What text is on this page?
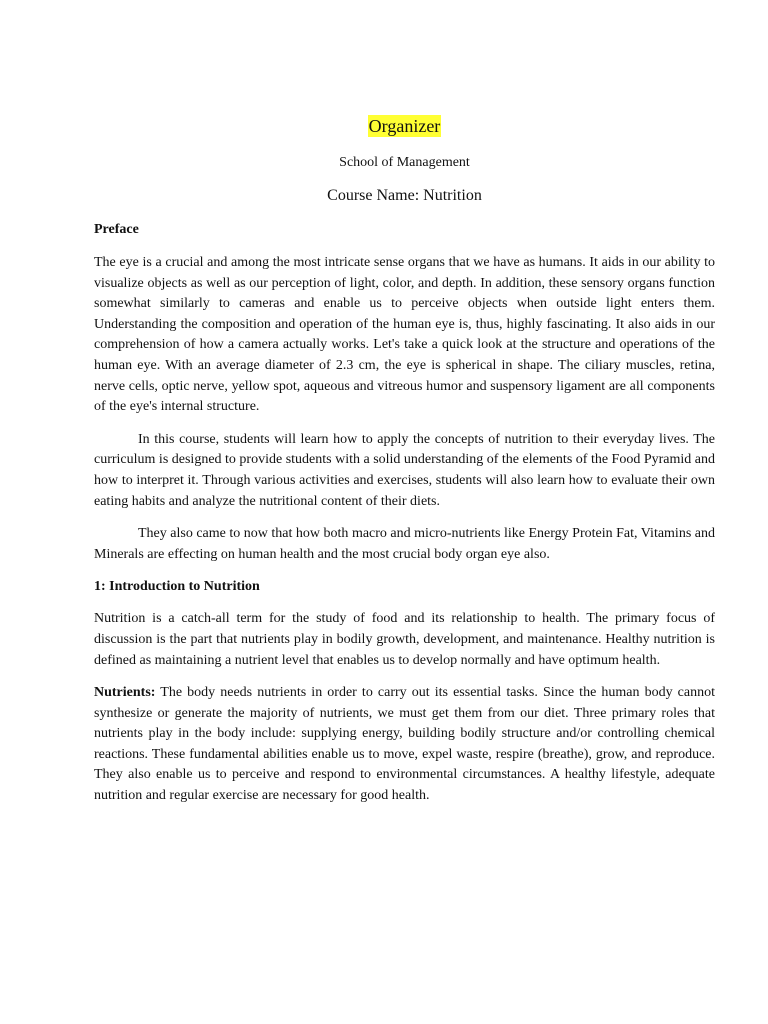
Organizer

School of Management

Course Name: Nutrition

Preface

The eye is a crucial and among the most intricate sense organs that we have as humans. It aids in our ability to visualize objects as well as our perception of light, color, and depth. In addition, these sensory organs function somewhat similarly to cameras and enable us to perceive objects when outside light enters them. Understanding the composition and operation of the human eye is, thus, highly fascinating. It also aids in our comprehension of how a camera actually works. Let's take a quick look at the structure and operations of the human eye. With an average diameter of 2.3 cm, the eye is spherical in shape. The ciliary muscles, retina, nerve cells, optic nerve, yellow spot, aqueous and vitreous humor and suspensory ligament are all components of the eye's internal structure.

In this course, students will learn how to apply the concepts of nutrition to their everyday lives. The curriculum is designed to provide students with a solid understanding of the elements of the Food Pyramid and how to interpret it. Through various activities and exercises, students will also learn how to evaluate their own eating habits and analyze the nutritional content of their diets.

They also came to now that how both macro and micro-nutrients like Energy Protein Fat, Vitamins and Minerals are effecting on human health and the most crucial body organ eye also.

1: Introduction to Nutrition

Nutrition is a catch-all term for the study of food and its relationship to health. The primary focus of discussion is the part that nutrients play in bodily growth, development, and maintenance. Healthy nutrition is defined as maintaining a nutrient level that enables us to develop normally and have optimum health.

Nutrients: The body needs nutrients in order to carry out its essential tasks. Since the human body cannot synthesize or generate the majority of nutrients, we must get them from our diet. Three primary roles that nutrients play in the body include: supplying energy, building bodily structure and/or controlling chemical reactions. These fundamental abilities enable us to move, expel waste, respire (breathe), grow, and reproduce. They also enable us to perceive and respond to environmental circumstances. A healthy lifestyle, adequate nutrition and regular exercise are necessary for good health.
